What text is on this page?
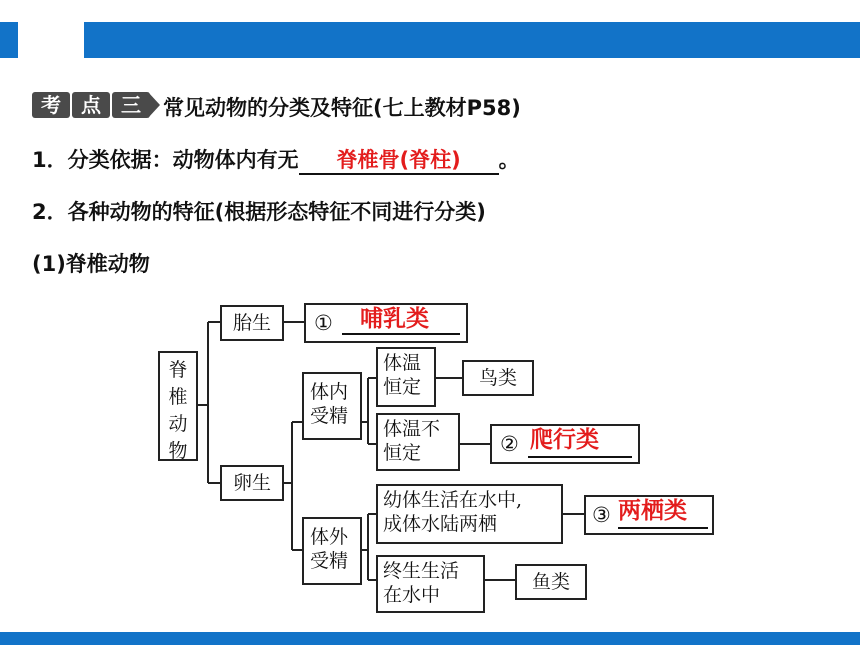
考	点	三	常见动物的分类及特征(七上教材P58)
1．分类依据：动物体内有无 脊椎骨(脊柱) 。
2．各种动物的特征(根据形态特征不同进行分类)
(1)脊椎动物
脊
椎
动
物
胎生
卵生
体内
受精
体外
受精
体温
恒定
体温不
恒定
幼体生活在水中,
成体水陆两栖
终生生活
在水中
鸟类
鱼类
① 哺乳类
② 爬行类
③ 两栖类
